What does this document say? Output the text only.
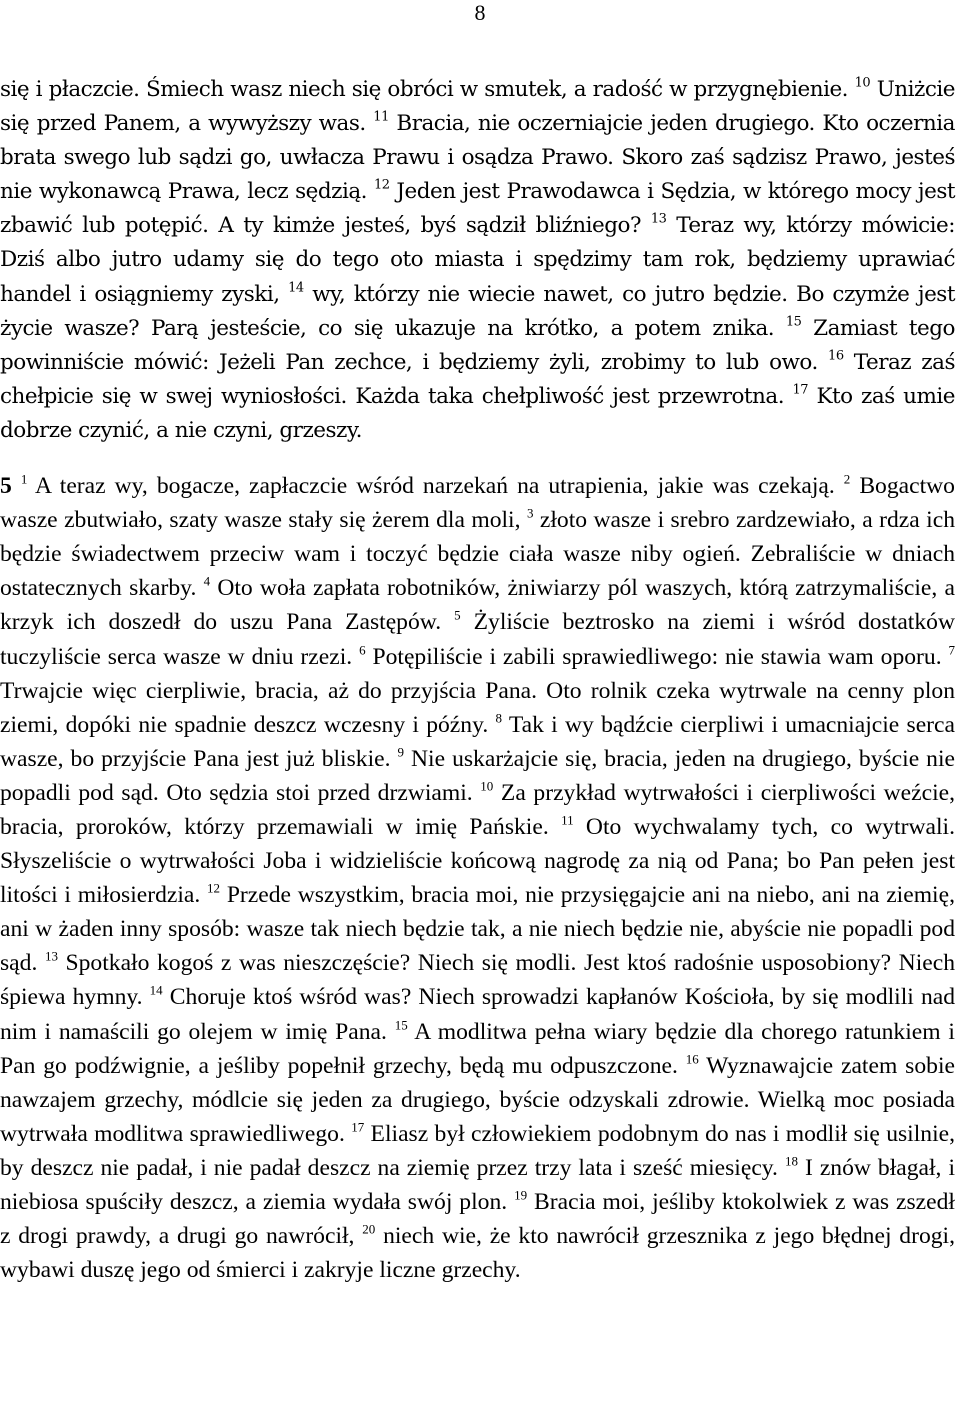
8

się i płaczcie. Śmiech wasz niech się obróci w smutek, a radość w przygnębienie. $^{10}$ Uniżcie się przed Panem, a wywyższy was. $^{11}$ Bracia, nie oczerniajcie jeden drugiego. Kto oczernia brata swego lub sądzi go, uwłacza Prawu i osądza Prawo. Skoro zaś sądzisz Prawo, jesteś nie wykonawcą Prawa, lecz sędzią. $^{12}$ Jeden jest Prawodawca i Sędzia, w którego mocy jest zbawić lub potępić. A ty kimże jesteś, byś sądził bliźniego? $^{13}$ Teraz wy, którzy mówicie: Dziś albo jutro udamy się do tego oto miasta i spędzimy tam rok, będziemy uprawiać handel i osiągniemy zyski, $^{14}$ wy, którzy nie wiecie nawet, co jutro będzie. Bo czymże jest życie wasze? Parą jesteście, co się ukazuje na krótko, a potem znika. $^{15}$ Zamiast tego powinniście mówić: Jeżeli Pan zechce, i będziemy żyli, zrobimy to lub owo. $^{16}$ Teraz zaś chełpicie się w swej wyniosłości. Każda taka chełpliwość jest przewrotna. $^{17}$ Kto zaś umie dobrze czynić, a nie czyni, grzeszy.

5 $^1$ A teraz wy, bogacze, zapłaczcie wśród narzekań na utrapienia, jakie was czekają. $^2$ Bogactwo wasze zbutwiało, szaty wasze stały się żerem dla moli, $^3$ złoto wasze i srebro zardzewiało, a rdza ich będzie świadectwem przeciw wam i toczyć będzie ciała wasze niby ogień. Zebraliście w dniach ostatecznych skarby. $^4$ Oto woła zapłata robotników, żniwiarzy pól waszych, którą zatrzymaliście, a krzyk ich doszedł do uszu Pana Zastępów. $^5$ Żyliście beztrosko na ziemi i wśród dostatków tuczyliście serca wasze w dniu rzezi. $^6$ Potępiliście i zabili sprawiedliwego: nie stawia wam oporu. $^7$ Trwajcie więc cierpliwie, bracia, aż do przyjścia Pana. Oto rolnik czeka wytrwale na cenny plon ziemi, dopóki nie spadnie deszcz wczesny i późny. $^8$ Tak i wy bądźcie cierpliwi i umacniajcie serca wasze, bo przyjście Pana jest już bliskie. $^9$ Nie uskarżajcie się, bracia, jeden na drugiego, byście nie popadli pod sąd. Oto sędzia stoi przed drzwiami. $^{10}$ Za przykład wytrwałości i cierpliwości weźcie, bracia, proroków, którzy przemawiali w imię Pańskie. $^{11}$ Oto wychwalamy tych, co wytrwali. Słyszeliście o wytrwałości Joba i widzieliście końcową nagrodę za nią od Pana; bo Pan pełen jest litości i miłosierdzia. $^{12}$ Przede wszystkim, bracia moi, nie przysięgajcie ani na niebo, ani na ziemię, ani w żaden inny sposób: wasze tak niech będzie tak, a nie niech będzie nie, abyście nie popadli pod sąd. $^{13}$ Spotkało kogoś z was nieszczęście? Niech się modli. Jest ktoś radośnie usposobiony? Niech śpiewa hymny. $^{14}$ Choruje ktoś wśród was? Niech sprowadzi kapłanów Kościoła, by się modlili nad nim i namaścili go olejem w imię Pana. $^{15}$ A modlitwa pełna wiary będzie dla chorego ratunkiem i Pan go podźwignie, a jeśliby popełnił grzechy, będą mu odpuszczone. $^{16}$ Wyznawajcie zatem sobie nawzajem grzechy, módlcie się jeden za drugiego, byście odzyskali zdrowie. Wielką moc posiada wytrwała modlitwa sprawiedliwego. $^{17}$ Eliasz był człowiekiem podobnym do nas i modlił się usilnie, by deszcz nie padał, i nie padał deszcz na ziemię przez trzy lata i sześć miesięcy. $^{18}$ I znów błagał, i niebiosa spuściły deszcz, a ziemia wydała swój plon. $^{19}$ Bracia moi, jeśliby ktokolwiek z was zszedł z drogi prawdy, a drugi go nawrócił, $^{20}$ niech wie, że kto nawrócił grzesznika z jego błędnej drogi, wybawi duszę jego od śmierci i zakryje liczne grzechy.
